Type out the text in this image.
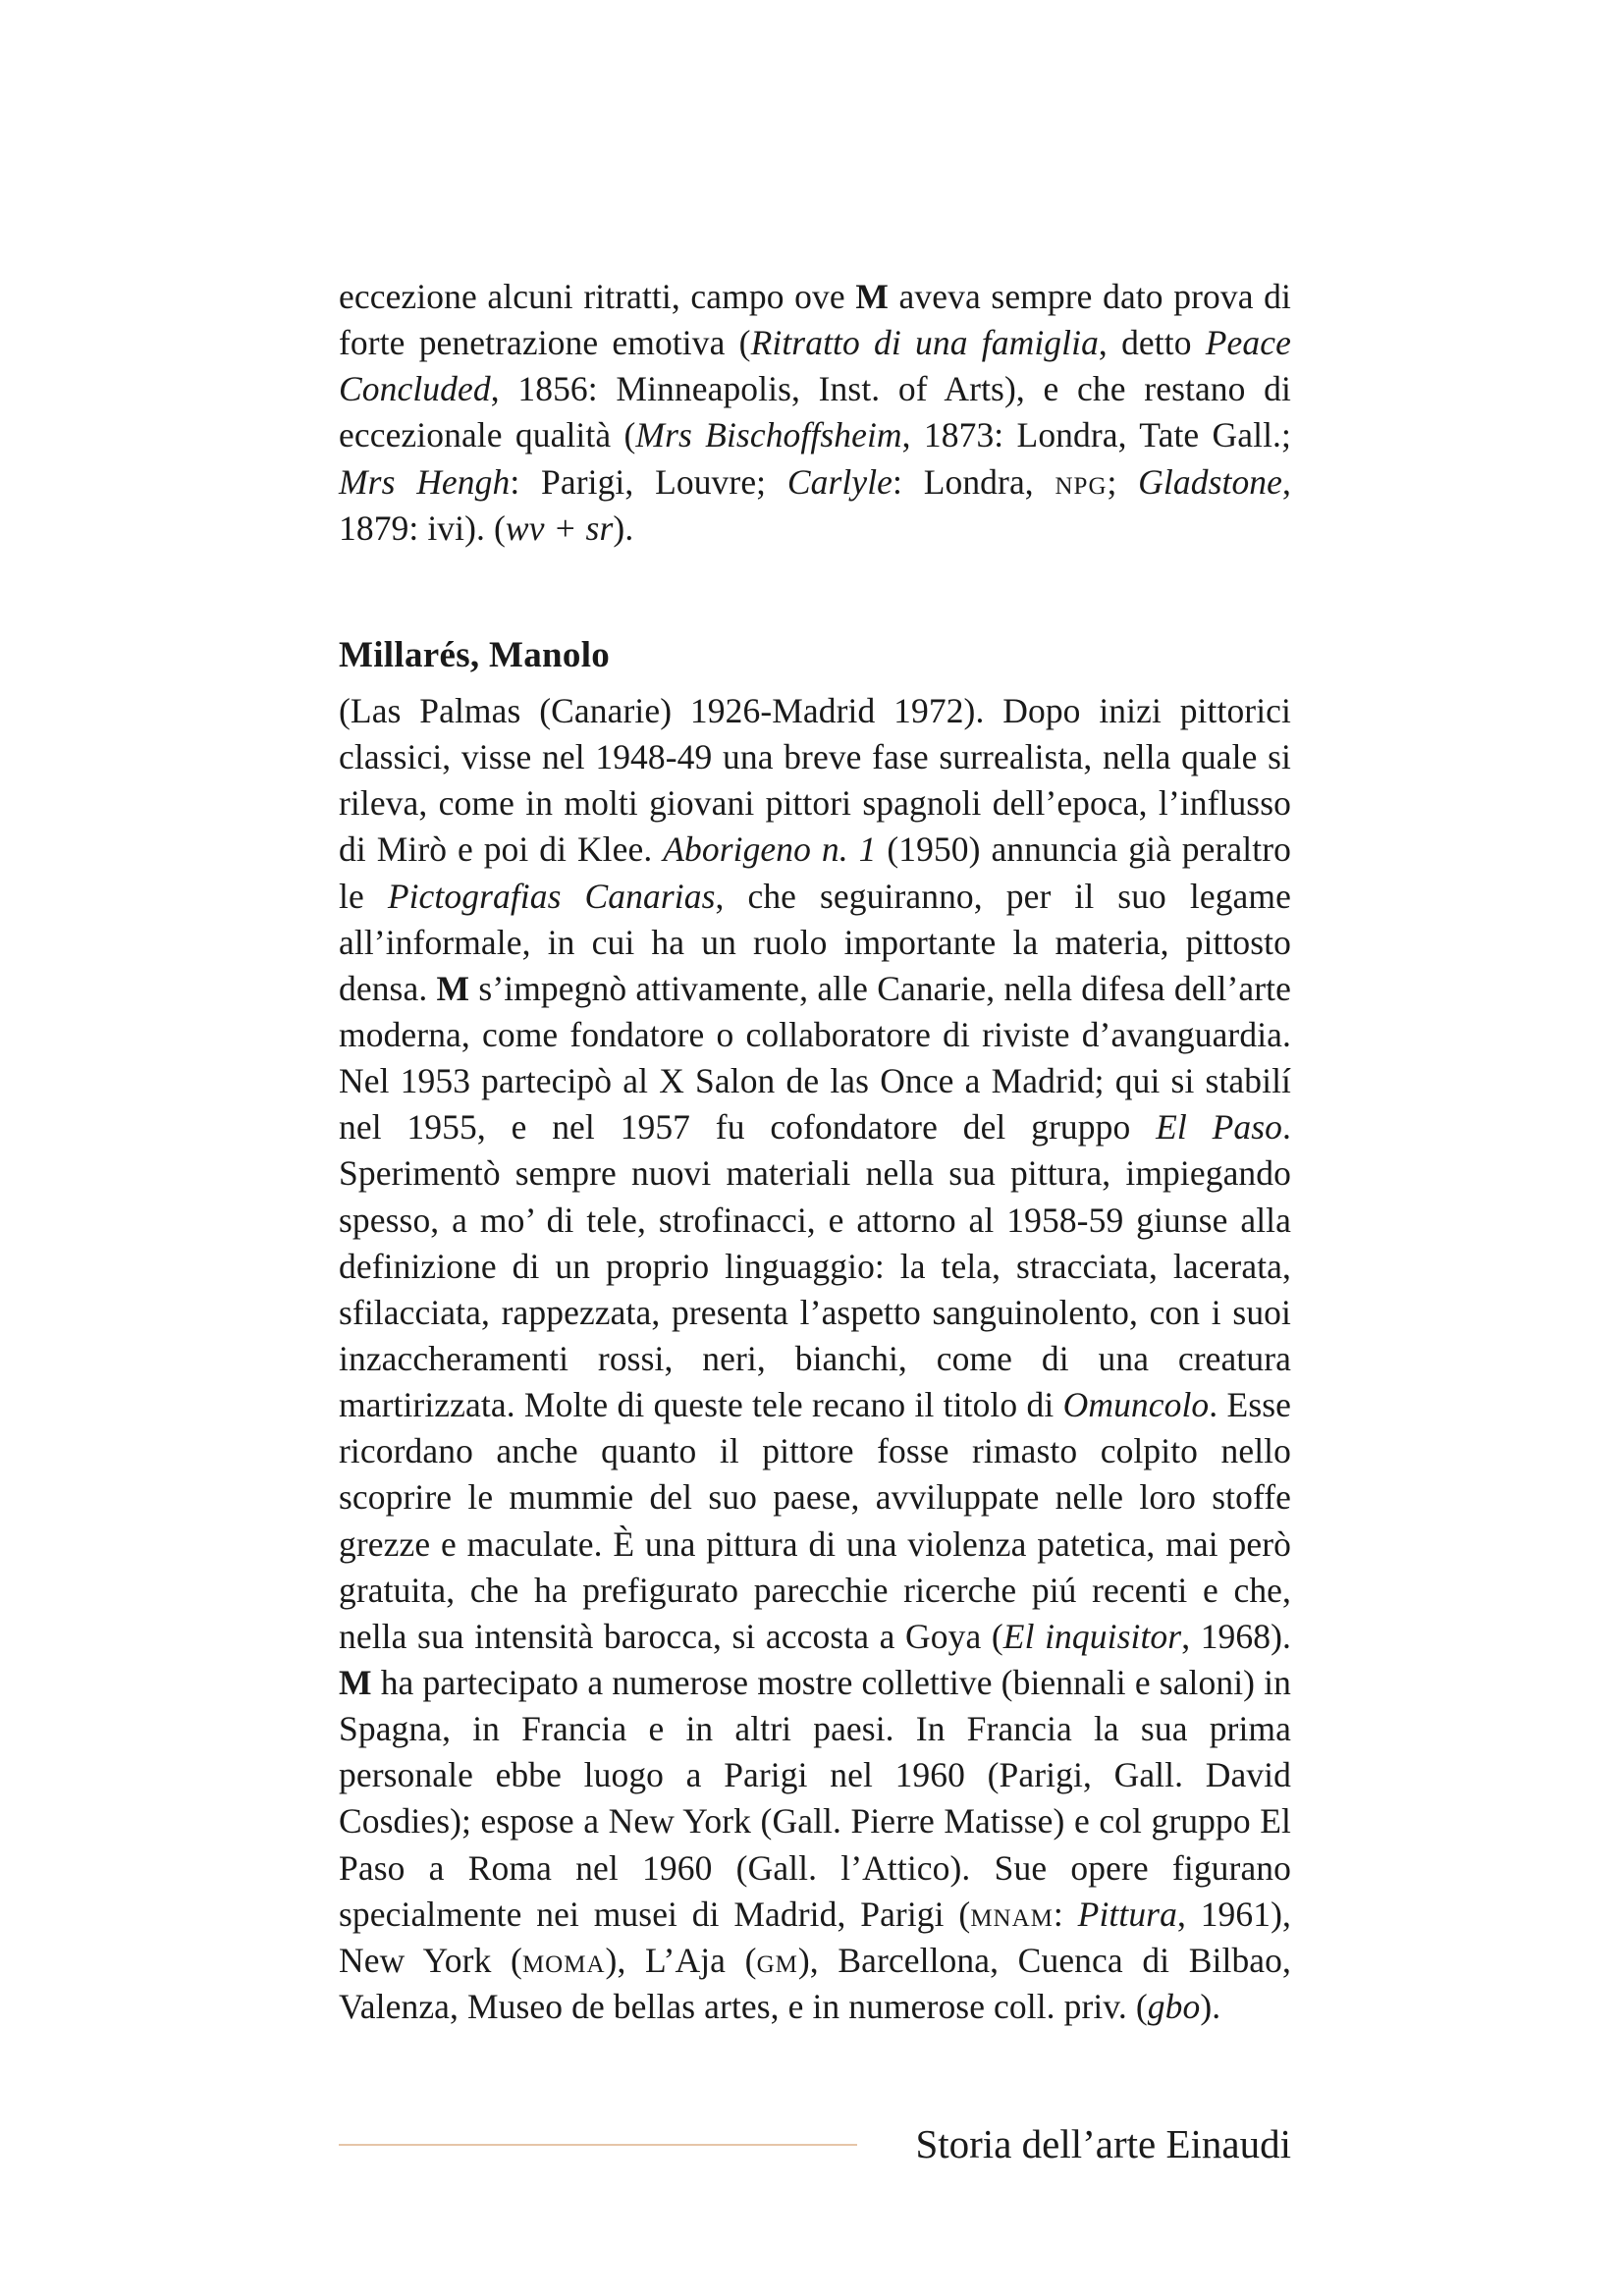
eccezione alcuni ritratti, campo ove M aveva sempre dato prova di forte penetrazione emotiva (Ritratto di una famiglia, detto Peace Concluded, 1856: Minneapolis, Inst. of Arts), e che restano di eccezionale qualità (Mrs Bischoffsheim, 1873: Londra, Tate Gall.; Mrs Hengh: Parigi, Louvre; Carlyle: Londra, npg; Gladstone, 1879: ivi). (wv + sr).

Millarés, Manolo

(Las Palmas (Canarie) 1926-Madrid 1972). Dopo inizi pittorici classici, visse nel 1948-49 una breve fase surrealista, nella quale si rileva, come in molti giovani pittori spagnoli dell’epoca, l’influsso di Mirò e poi di Klee. Aborigeno n. 1 (1950) annuncia già peraltro le Pictografias Canarias, che seguiranno, per il suo legame all’informale, in cui ha un ruolo importante la materia, pittosto densa. M s’impegnò attivamente, alle Canarie, nella difesa dell’arte moderna, come fondatore o collaboratore di riviste d’avanguardia. Nel 1953 partecipò al X Salon de las Once a Madrid; qui si stabilí nel 1955, e nel 1957 fu cofondatore del gruppo El Paso. Sperimentò sempre nuovi materiali nella sua pittura, impiegando spesso, a mo’ di tele, strofinacci, e attorno al 1958-59 giunse alla definizione di un proprio linguaggio: la tela, stracciata, lacerata, sfilacciata, rappezzata, presenta l’aspetto sanguinolento, con i suoi inzaccheramenti rossi, neri, bianchi, come di una creatura martirizzata. Molte di queste tele recano il titolo di Omuncolo. Esse ricordano anche quanto il pittore fosse rimasto colpito nello scoprire le mummie del suo paese, avviluppate nelle loro stoffe grezze e maculate. È una pittura di una violenza patetica, mai però gratuita, che ha prefigurato parecchie ricerche piú recenti e che, nella sua intensità barocca, si accosta a Goya (El inquisitor, 1968). M ha partecipato a numerose mostre collettive (biennali e saloni) in Spagna, in Francia e in altri paesi. In Francia la sua prima personale ebbe luogo a Parigi nel 1960 (Parigi, Gall. David Cosdies); espose a New York (Gall. Pierre Matisse) e col gruppo El Paso a Roma nel 1960 (Gall. l’Attico). Sue opere figurano specialmente nei musei di Madrid, Parigi (mnam: Pittura, 1961), New York (moma), L’Aja (gm), Barcellona, Cuenca di Bilbao, Valenza, Museo de bellas artes, e in numerose coll. priv. (gbo).

Storia dell’arte Einaudi
